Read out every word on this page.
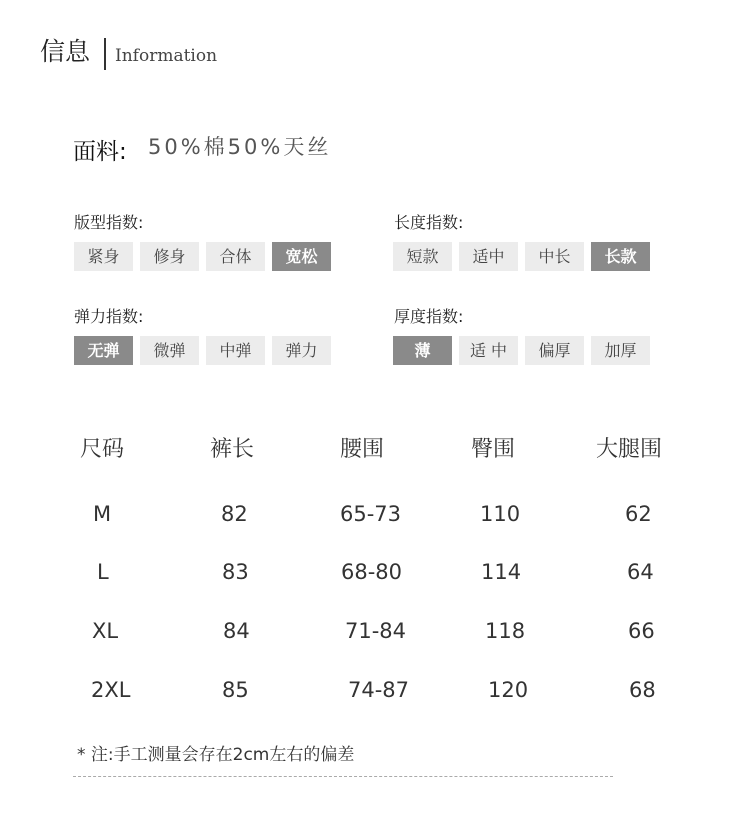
信息 Information
面料: 50%棉50%天丝
版型指数:
紧身	修身	合体	宽松
长度指数:
短款	适中	中长	长款
弹力指数:
无弹	微弹	中弹	弹力
厚度指数:
薄	适 中	偏厚	加厚
尺码	裤长	腰围	臀围	大腿围
M	82	65-73	110	62
L	83	68-80	114	64
XL	84	71-84	118	66
2XL	85	74-87	120	68
* 注:手工测量会存在2cm左右的偏差
